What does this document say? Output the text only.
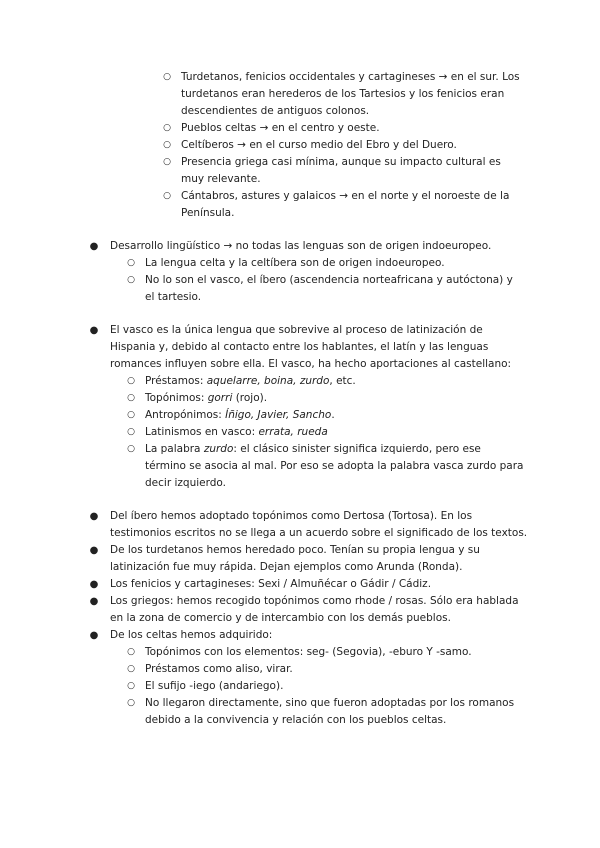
○ Turdetanos, fenicios occidentales y cartagineses → en el sur. Los turdetanos eran herederos de los Tartesios y los fenicios eran descendientes de antiguos colonos.
○ Pueblos celtas → en el centro y oeste.
○ Celtíberos → en el curso medio del Ebro y del Duero.
○ Presencia griega casi mínima, aunque su impacto cultural es muy relevante.
○ Cántabros, astures y galaicos → en el norte y el noroeste de la Península.
● Desarrollo lingüístico → no todas las lenguas son de origen indoeuropeo.
○ La lengua celta y la celtíbera son de origen indoeuropeo.
○ No lo son el vasco, el íbero (ascendencia norteafricana y autóctona) y el tartesio.
● El vasco es la única lengua que sobrevive al proceso de latinización de Hispania y, debido al contacto entre los hablantes, el latín y las lenguas romances influyen sobre ella. El vasco, ha hecho aportaciones al castellano:
○ Préstamos: aquelarre, boina, zurdo, etc.
○ Topónimos: gorri (rojo).
○ Antropónimos: Íñigo, Javier, Sancho.
○ Latinismos en vasco: errata, rueda
○ La palabra zurdo: el clásico sinister significa izquierdo, pero ese término se asocia al mal. Por eso se adopta la palabra vasca zurdo para decir izquierdo.
● Del íbero hemos adoptado topónimos como Dertosa (Tortosa). En los testimonios escritos no se llega a un acuerdo sobre el significado de los textos.
● De los turdetanos hemos heredado poco. Tenían su propia lengua y su latinización fue muy rápida. Dejan ejemplos como Arunda (Ronda).
● Los fenicios y cartagineses: Sexi / Almuñécar o Gádir / Cádiz.
● Los griegos: hemos recogido topónimos como rhode / rosas. Sólo era hablada en la zona de comercio y de intercambio con los demás pueblos.
● De los celtas hemos adquirido:
○ Topónimos con los elementos: seg- (Segovia), -eburo Y -samo.
○ Préstamos como aliso, virar.
○ El sufijo -iego (andariego).
○ No llegaron directamente, sino que fueron adoptadas por los romanos debido a la convivencia y relación con los pueblos celtas.
